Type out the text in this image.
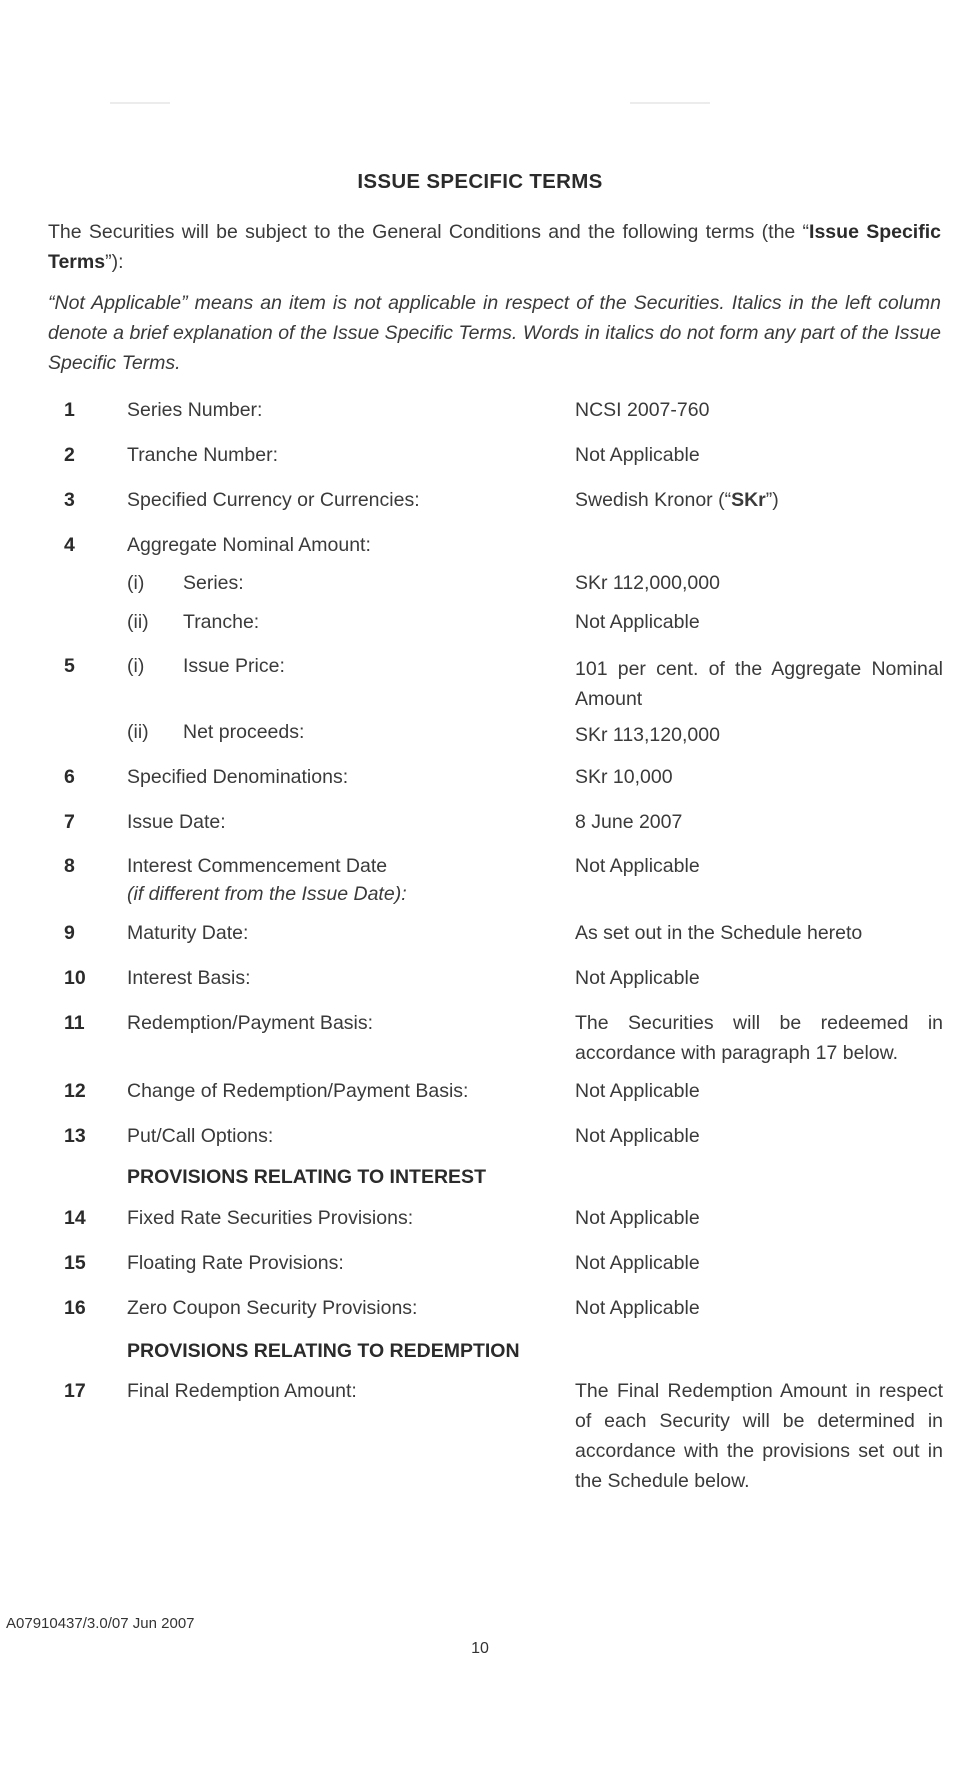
ISSUE SPECIFIC TERMS
The Securities will be subject to the General Conditions and the following terms (the “Issue Specific Terms”):
“Not Applicable” means an item is not applicable in respect of the Securities. Italics in the left column denote a brief explanation of the Issue Specific Terms. Words in italics do not form any part of the Issue Specific Terms.
1	Series Number:	NCSI 2007-760
2	Tranche Number:	Not Applicable
3	Specified Currency or Currencies:	Swedish Kronor (“SKr”)
4	Aggregate Nominal Amount:
(i) Series:	SKr 112,000,000
(ii) Tranche:	Not Applicable
5	(i) Issue Price:	101 per cent. of the Aggregate Nominal Amount
(ii) Net proceeds:	SKr 113,120,000
6	Specified Denominations:	SKr 10,000
7	Issue Date:	8 June 2007
8	Interest Commencement Date	Not Applicable
(if different from the Issue Date):
9	Maturity Date:	As set out in the Schedule hereto
10	Interest Basis:	Not Applicable
11	Redemption/Payment Basis:	The Securities will be redeemed in accordance with paragraph 17 below.
12	Change of Redemption/Payment Basis:	Not Applicable
13	Put/Call Options:	Not Applicable
PROVISIONS RELATING TO INTEREST
14	Fixed Rate Securities Provisions:	Not Applicable
15	Floating Rate Provisions:	Not Applicable
16	Zero Coupon Security Provisions:	Not Applicable
PROVISIONS RELATING TO REDEMPTION
17	Final Redemption Amount:	The Final Redemption Amount in respect of each Security will be determined in accordance with the provisions set out in the Schedule below.
A07910437/3.0/07 Jun 2007
10
